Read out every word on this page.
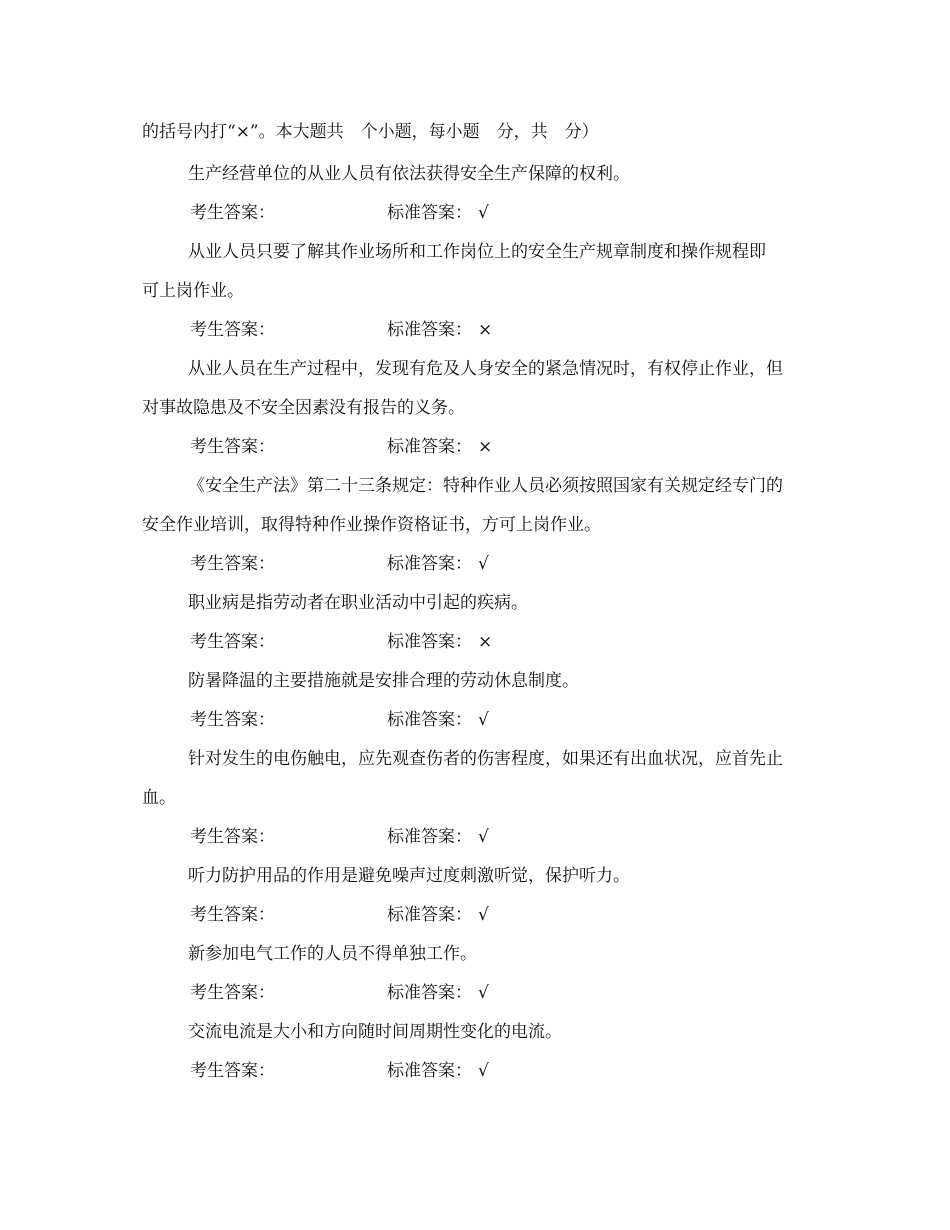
的括号内打“×”。本大题共　个小题，每小题　分，共　分）
生产经营单位的从业人员有依法获得安全生产保障的权利。
考生答案：	标准答案： √
从业人员只要了解其作业场所和工作岗位上的安全生产规章制度和操作规程即
可上岗作业。
考生答案：	标准答案： ×
从业人员在生产过程中，发现有危及人身安全的紧急情况时，有权停止作业，但
对事故隐患及不安全因素没有报告的义务。
考生答案：	标准答案： ×
《安全生产法》第二十三条规定：特种作业人员必须按照国家有关规定经专门的
安全作业培训，取得特种作业操作资格证书，方可上岗作业。
考生答案：	标准答案： √
职业病是指劳动者在职业活动中引起的疾病。
考生答案：	标准答案： ×
防暑降温的主要措施就是安排合理的劳动休息制度。
考生答案：	标准答案： √
针对发生的电伤触电，应先观查伤者的伤害程度，如果还有出血状况，应首先止
血。
考生答案：	标准答案： √
听力防护用品的作用是避免噪声过度刺激听觉，保护听力。
考生答案：	标准答案： √
新参加电气工作的人员不得单独工作。
考生答案：	标准答案： √
交流电流是大小和方向随时间周期性变化的电流。
考生答案：	标准答案： √
